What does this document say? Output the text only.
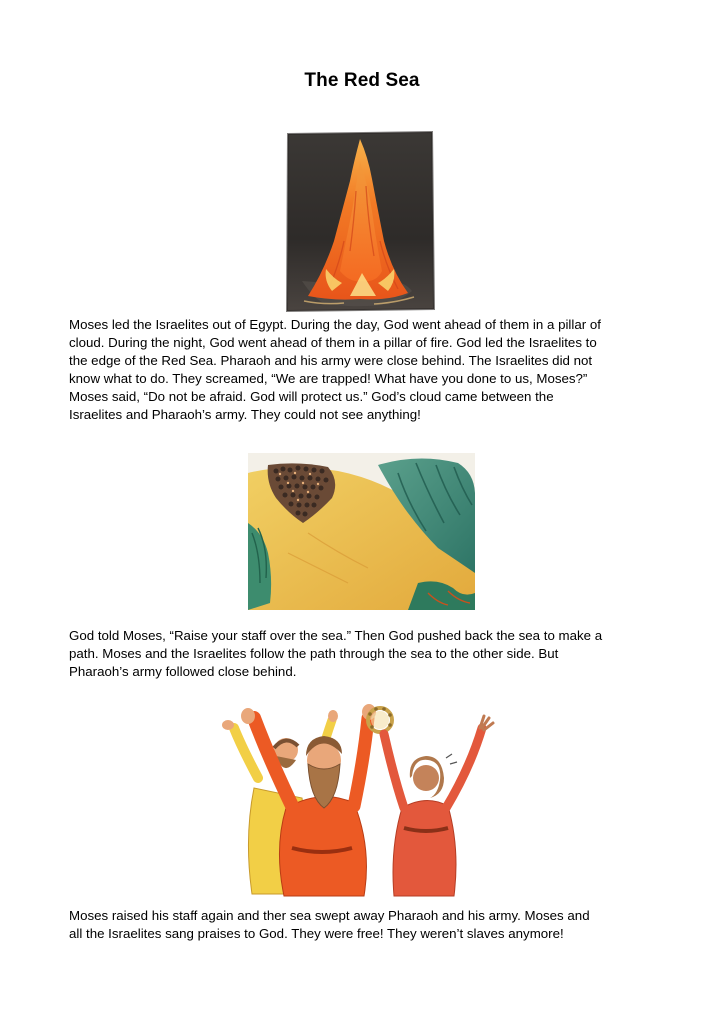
The Red Sea

Moses led the Israelites out of Egypt. During the day, God went ahead of them in a pillar of
cloud. During the night, God went ahead of them in a pillar of fire. God led the Israelites to
the edge of the Red Sea. Pharaoh and his army were close behind. The Israelites did not
know what to do. They screamed, “We are trapped! What have you done to us, Moses?”
Moses said, “Do not be afraid. God will protect us.” God’s cloud came between the
Israelites and Pharaoh’s army. They could not see anything!

God told Moses, “Raise your staff over the sea.” Then God pushed back the sea to make a
path. Moses and the Israelites follow the path through the sea to the other side. But
Pharaoh’s army followed close behind.

Moses raised his staff again and ther sea swept away Pharaoh and his army. Moses and
all the Israelites sang praises to God. They were free! They weren’t slaves anymore!
